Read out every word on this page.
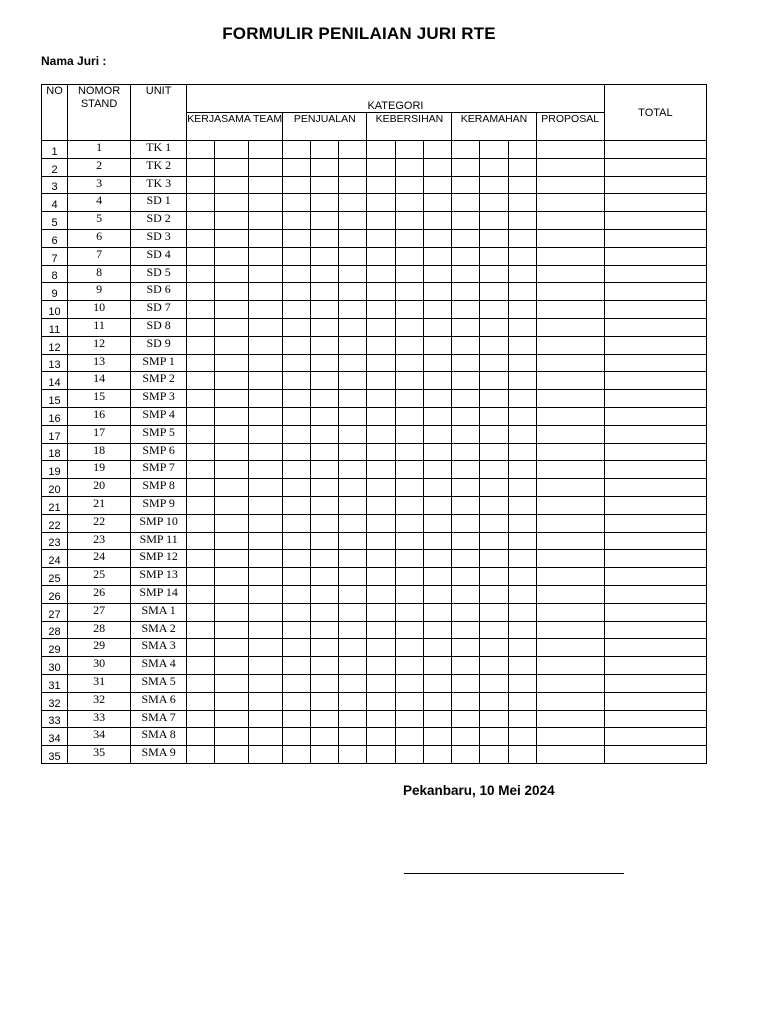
FORMULIR PENILAIAN JURI RTE
Nama Juri :
NO	NOMOR STAND	UNIT	KATEGORI													TOTAL
			KERJASAMA TEAM			PENJUALAN			KEBERSIHAN			KERAMAHAN			PROPOSAL	
1	1	TK 1														
2	2	TK 2														
3	3	TK 3														
4	4	SD 1														
5	5	SD 2														
6	6	SD 3														
7	7	SD 4														
8	8	SD 5														
9	9	SD 6														
10	10	SD 7														
11	11	SD 8														
12	12	SD 9														
13	13	SMP 1														
14	14	SMP 2														
15	15	SMP 3														
16	16	SMP 4														
17	17	SMP 5														
18	18	SMP 6														
19	19	SMP 7														
20	20	SMP 8														
21	21	SMP 9														
22	22	SMP 10														
23	23	SMP 11														
24	24	SMP 12														
25	25	SMP 13														
26	26	SMP 14														
27	27	SMA 1														
28	28	SMA 2														
29	29	SMA 3														
30	30	SMA 4														
31	31	SMA 5														
32	32	SMA 6														
33	33	SMA 7														
34	34	SMA 8														
35	35	SMA 9														
Pekanbaru, 10 Mei 2024
